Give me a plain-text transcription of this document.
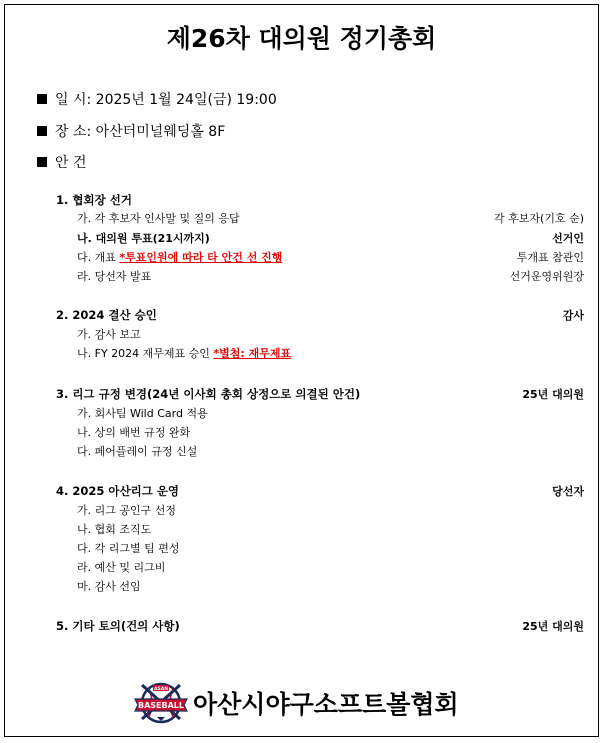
제26차 대의원 정기총회
일 시: 2025년 1월 24일(금) 19:00
장 소: 아산터미널웨딩홀 8F
안 건
1. 협회장 선거
가. 각 후보자 인사말 및 질의 응답	각 후보자(기호 순)
나. 대의원 투표(21시까지)	선거인
다. 개표 *투표인원에 따라 타 안건 선 진행	투개표 참관인
라. 당선자 발표	선거운영위원장
2. 2024 결산 승인	감사
가. 감사 보고
나. FY 2024 재무제표 승인 *별첨: 재무제표
3. 리그 규정 변경(24년 이사회 총회 상정으로 의결된 안건)	25년 대의원
가. 회사팀 Wild Card 적용
나. 상의 배번 규정 완화
다. 페어플레이 규정 신설
4. 2025 아산리그 운영	당선자
가. 리그 공인구 선정
나. 협회 조직도
다. 각 리그별 팀 편성
라. 예산 및 리그비
마. 감사 선임
5. 기타 토의(건의 사항)	25년 대의원
ASAN
BASEBALL 아산시야구소프트볼협회
